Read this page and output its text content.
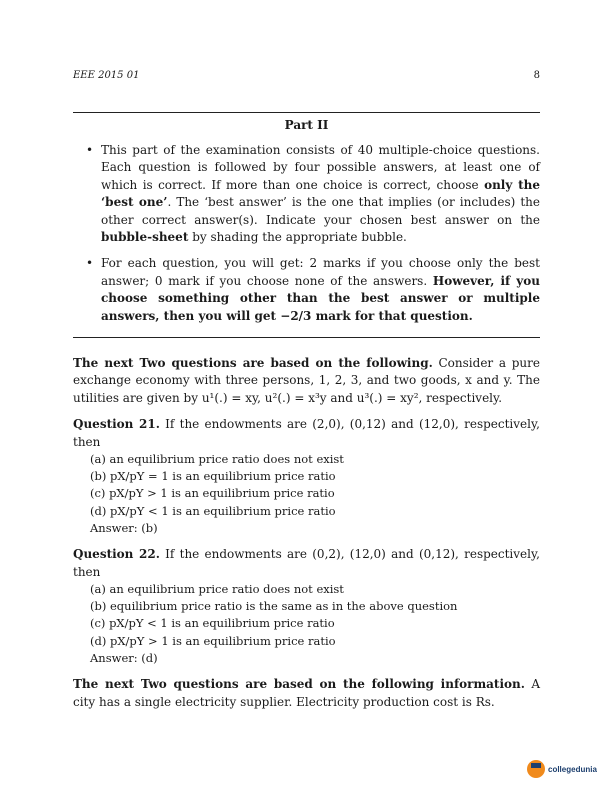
EEE 2015 01	8
Part II
• This part of the examination consists of 40 multiple-choice questions. Each question is followed by four possible answers, at least one of which is correct. If more than one choice is correct, choose only the ‘best one’. The ‘best answer’ is the one that implies (or includes) the other correct answer(s). Indicate your chosen best answer on the bubble-sheet by shading the appropriate bubble.
• For each question, you will get: 2 marks if you choose only the best answer; 0 mark if you choose none of the answers. However, if you choose something other than the best answer or multiple answers, then you will get −2/3 mark for that question.

The next Two questions are based on the following. Consider a pure exchange economy with three persons, 1, 2, 3, and two goods, x and y. The utilities are given by u¹(.) = xy, u²(.) = x³y and u³(.) = xy², respectively.

Question 21. If the endowments are (2,0), (0,12) and (12,0), respectively, then

(a) an equilibrium price ratio does not exist
(b) pX/pY = 1 is an equilibrium price ratio
(c) pX/pY > 1 is an equilibrium price ratio
(d) pX/pY < 1 is an equilibrium price ratio
Answer: (b)

Question 22. If the endowments are (0,2), (12,0) and (0,12), respectively, then

(a) an equilibrium price ratio does not exist
(b) equilibrium price ratio is the same as in the above question
(c) pX/pY < 1 is an equilibrium price ratio
(d) pX/pY > 1 is an equilibrium price ratio
Answer: (d)

The next Two questions are based on the following information. A city has a single electricity supplier. Electricity production cost is Rs.

collegedunia
